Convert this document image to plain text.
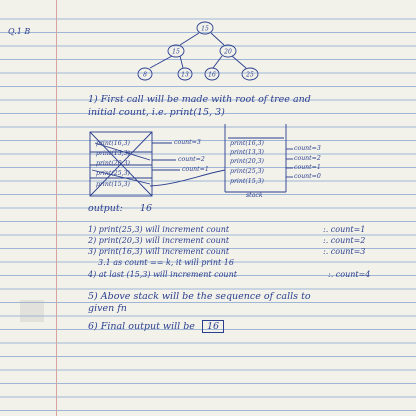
Q.1 B	15
15	20
8	13	16	25
1) First call will be made with root of tree and
initial count, i.e. print(15, 3)
print(16,3)
print(13,3)
print(20,3)
print(25,3)
print(15,3)
count=3
count=2
count=1
print(16,3)
print(13,3)
print(20,3)
print(25,3)
print(15,3)
count=3
count=2
count=1
count=0
stack
output: 16
1) print(25,3) will increment count	:. count=1
2) print(20,3) will increment count	:. count=2
3) print(16,3) will increment count	:. count=3
3.1 as count == k, it will print 16
4) at last (15,3) will increment count	:. count=4
5) Above stack will be the sequence of calls to
given fn
6) Final output will be 16
